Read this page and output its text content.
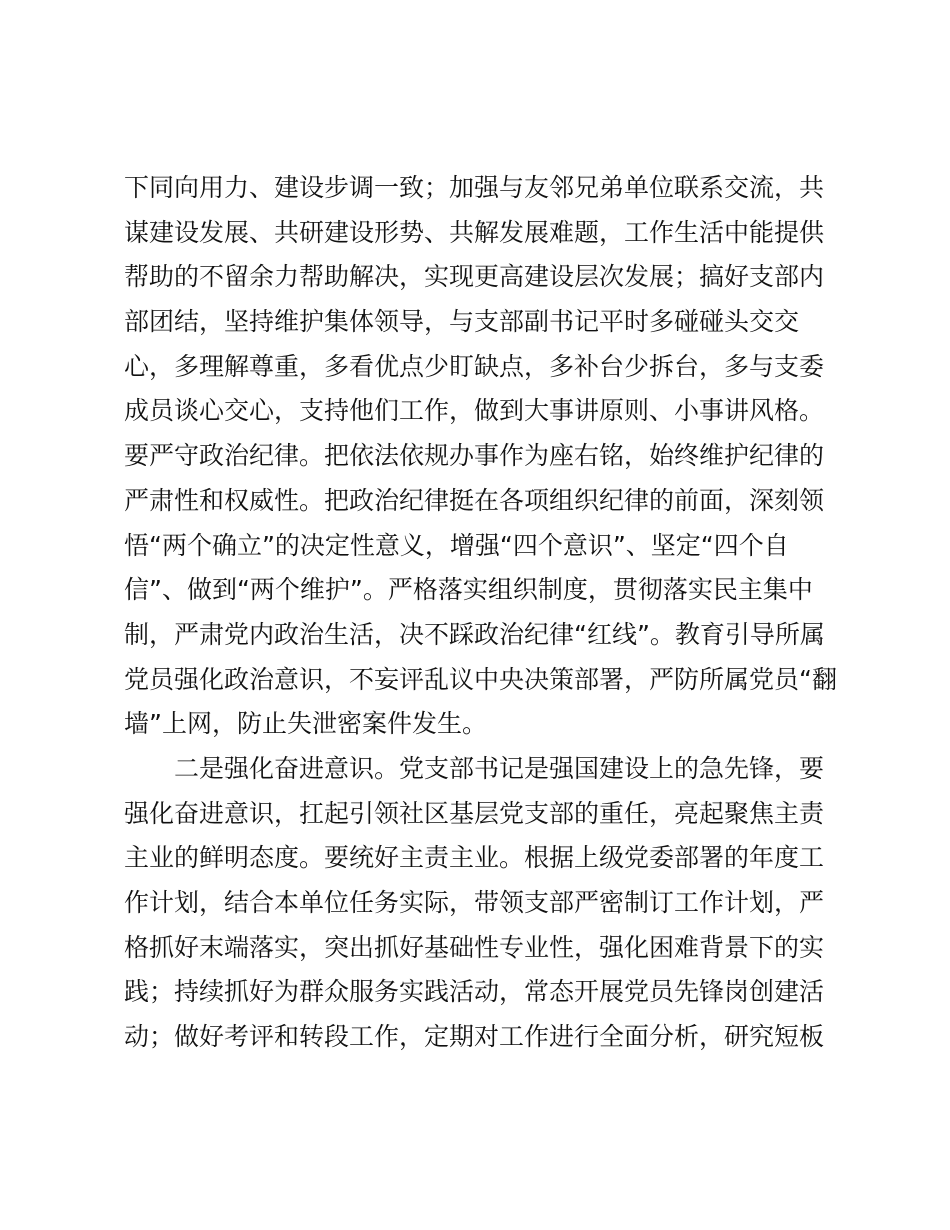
下同向用力、建设步调一致；加强与友邻兄弟单位联系交流，共
谋建设发展、共研建设形势、共解发展难题，工作生活中能提供
帮助的不留余力帮助解决，实现更高建设层次发展；搞好支部内
部团结，坚持维护集体领导，与支部副书记平时多碰碰头交交
心，多理解尊重，多看优点少盯缺点，多补台少拆台，多与支委
成员谈心交心，支持他们工作，做到大事讲原则、小事讲风格。
要严守政治纪律。把依法依规办事作为座右铭，始终维护纪律的
严肃性和权威性。把政治纪律挺在各项组织纪律的前面，深刻领
悟“两个确立”的决定性意义，增强“四个意识”、坚定“四个自
信”、做到“两个维护”。严格落实组织制度，贯彻落实民主集中
制，严肃党内政治生活，决不踩政治纪律“红线”。教育引导所属
党员强化政治意识，不妄评乱议中央决策部署，严防所属党员“翻
墙”上网，防止失泄密案件发生。
二是强化奋进意识。党支部书记是强国建设上的急先锋，要
强化奋进意识，扛起引领社区基层党支部的重任，亮起聚焦主责
主业的鲜明态度。要统好主责主业。根据上级党委部署的年度工
作计划，结合本单位任务实际，带领支部严密制订工作计划，严
格抓好末端落实，突出抓好基础性专业性，强化困难背景下的实
践；持续抓好为群众服务实践活动，常态开展党员先锋岗创建活
动；做好考评和转段工作，定期对工作进行全面分析，研究短板
